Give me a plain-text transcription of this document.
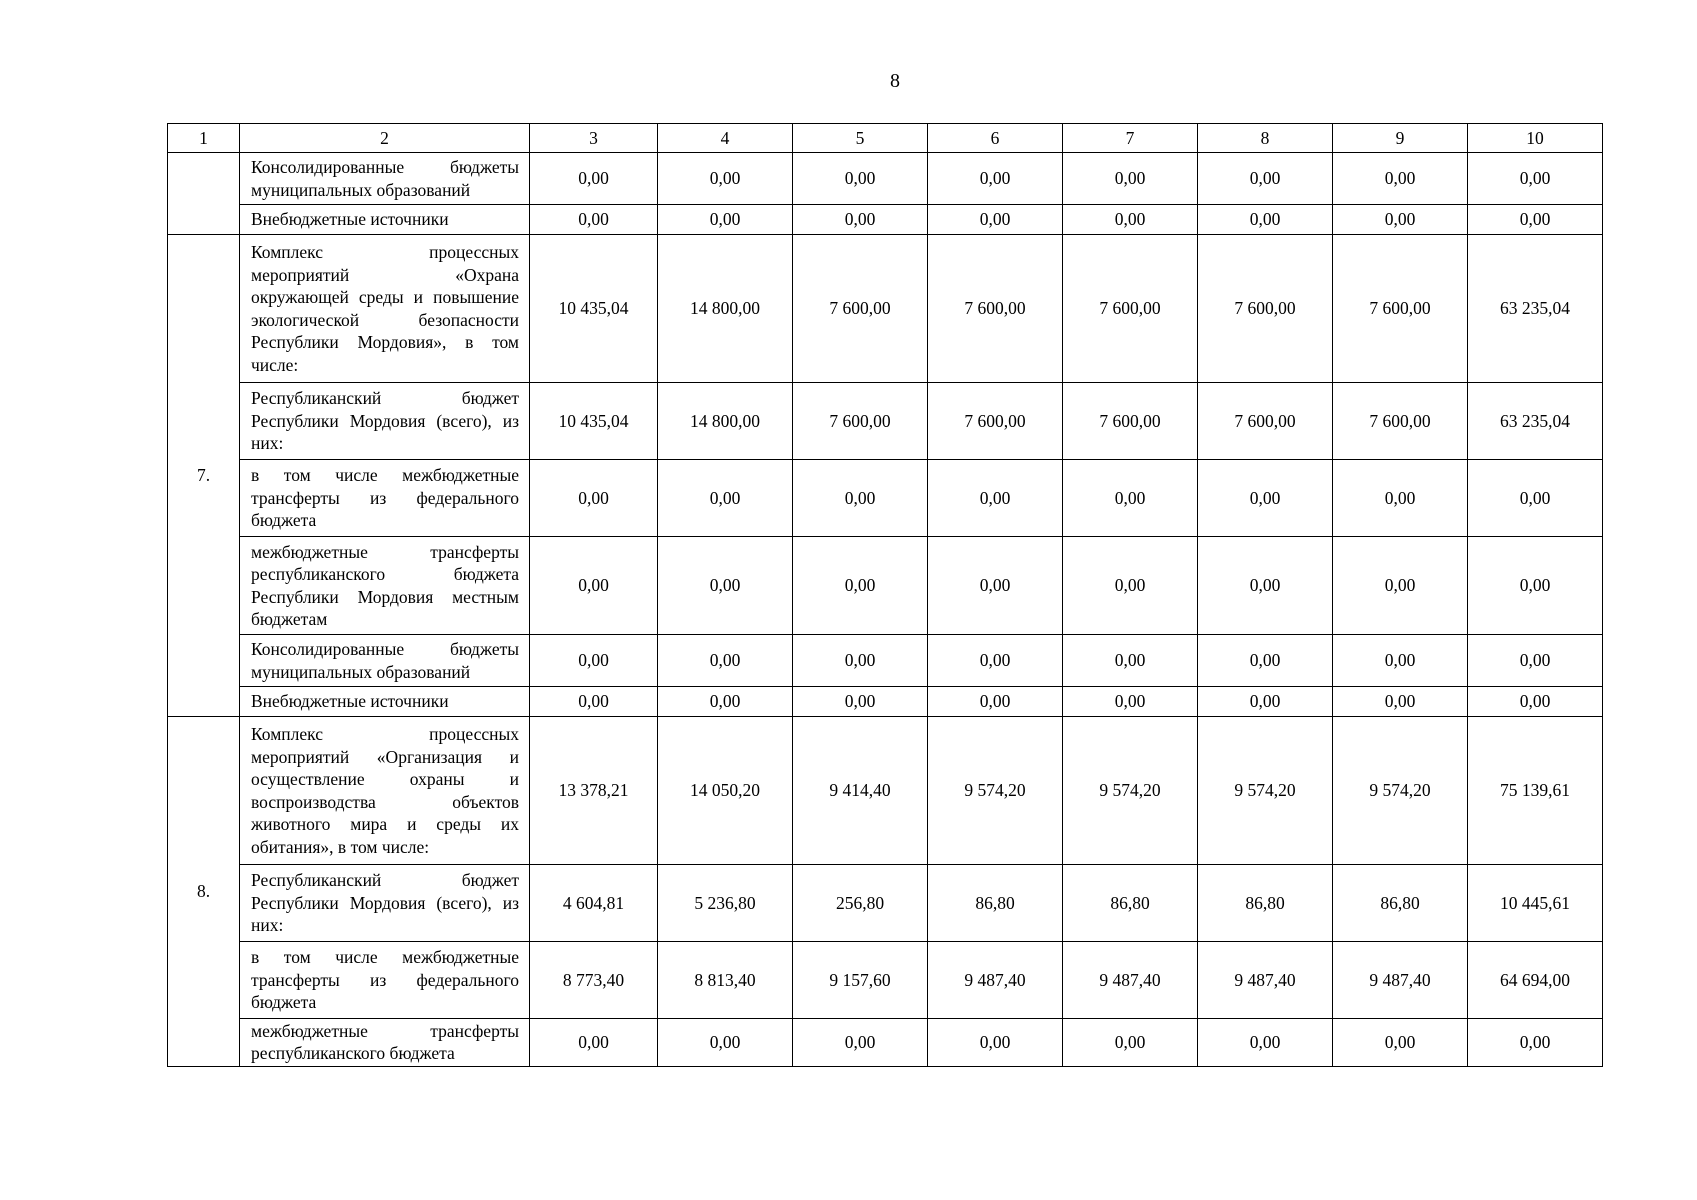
8
1	2	3	4	5	6	7	8	9	10
	Консолидированные бюджеты муниципальных образований	0,00	0,00	0,00	0,00	0,00	0,00	0,00	0,00
	Внебюджетные источники	0,00	0,00	0,00	0,00	0,00	0,00	0,00	0,00
7.	Комплекс процессных мероприятий «Охрана окружающей среды и повышение экологической безопасности Республики Мордовия», в том числе:	10 435,04	14 800,00	7 600,00	7 600,00	7 600,00	7 600,00	7 600,00	63 235,04
	Республиканский бюджет Республики Мордовия (всего), из них:	10 435,04	14 800,00	7 600,00	7 600,00	7 600,00	7 600,00	7 600,00	63 235,04
	в том числе межбюджетные трансферты из федерального бюджета	0,00	0,00	0,00	0,00	0,00	0,00	0,00	0,00
	межбюджетные трансферты республиканского бюджета Республики Мордовия местным бюджетам	0,00	0,00	0,00	0,00	0,00	0,00	0,00	0,00
	Консолидированные бюджеты муниципальных образований	0,00	0,00	0,00	0,00	0,00	0,00	0,00	0,00
	Внебюджетные источники	0,00	0,00	0,00	0,00	0,00	0,00	0,00	0,00
8.	Комплекс процессных мероприятий «Организация и осуществление охраны и воспроизводства объектов животного мира и среды их обитания», в том числе:	13 378,21	14 050,20	9 414,40	9 574,20	9 574,20	9 574,20	9 574,20	75 139,61
	Республиканский бюджет Республики Мордовия (всего), из них:	4 604,81	5 236,80	256,80	86,80	86,80	86,80	86,80	10 445,61
	в том числе межбюджетные трансферты из федерального бюджета	8 773,40	8 813,40	9 157,60	9 487,40	9 487,40	9 487,40	9 487,40	64 694,00

	межбюджетные трансферты республиканского бюджета	0,00	0,00	0,00	0,00	0,00	0,00	0,00	0,00
